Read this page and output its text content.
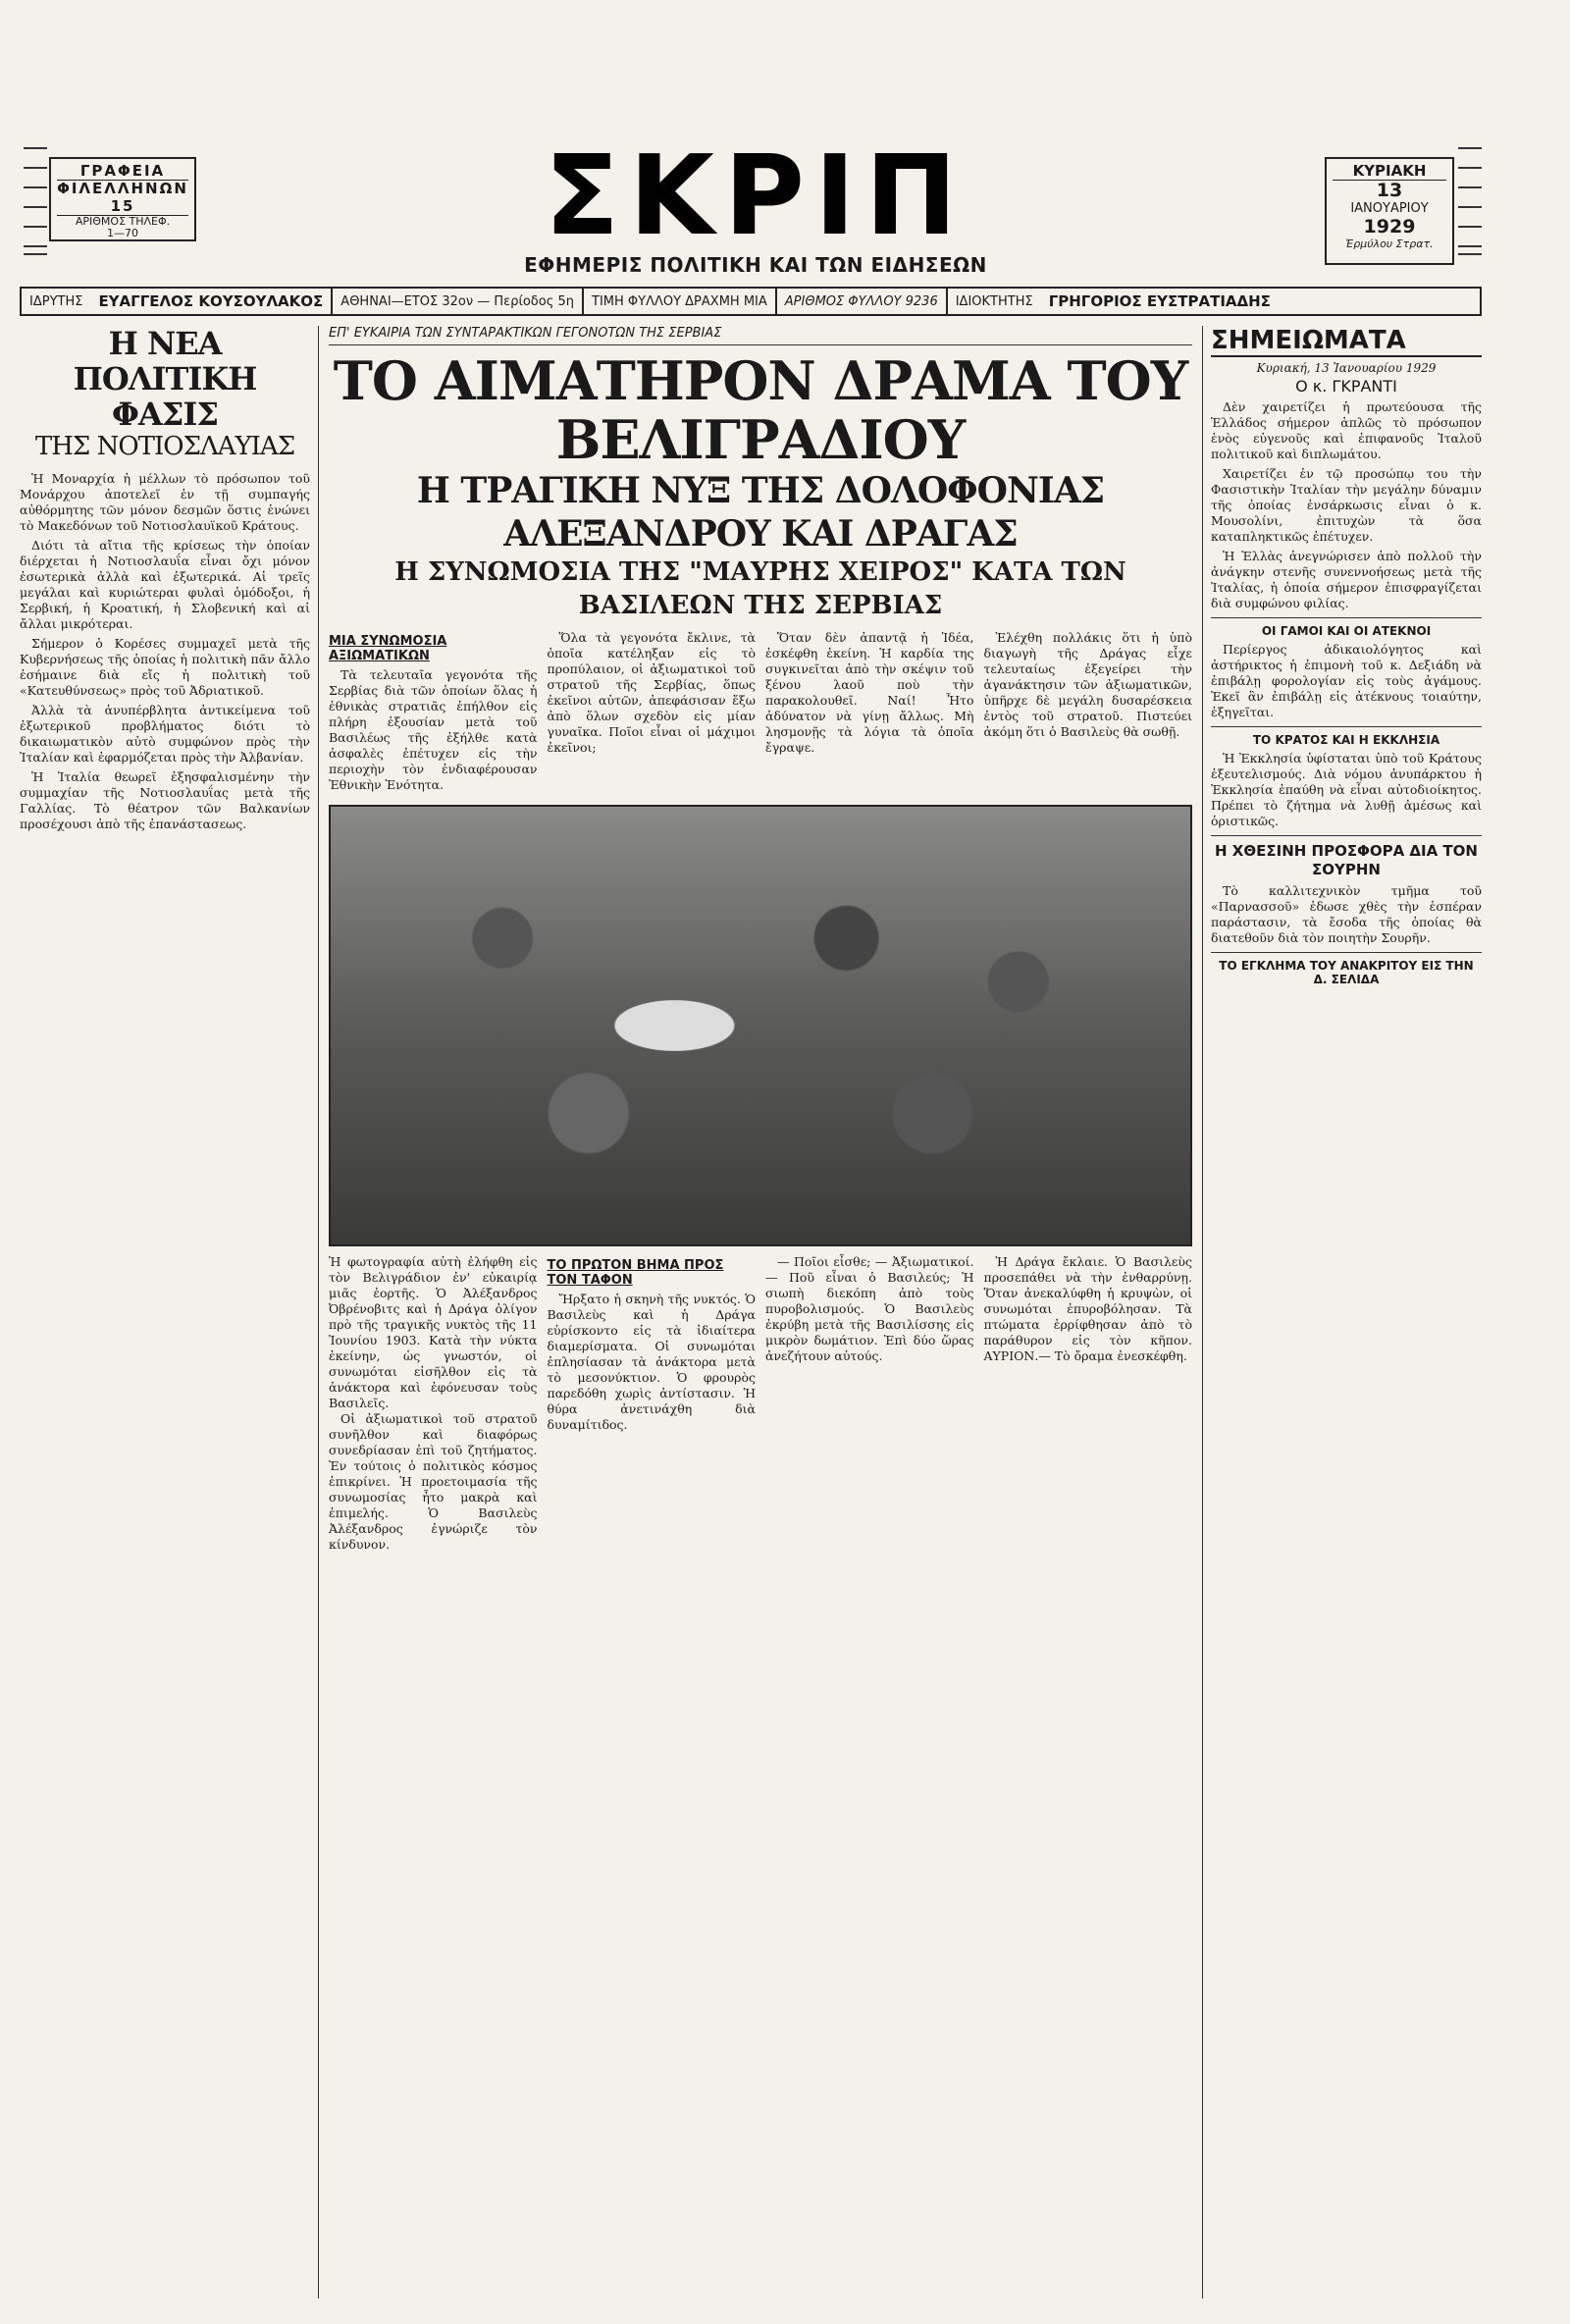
ΓΡΑΦΕΙΑ
ΦΙΛΕΛΛΗΝΩΝ 15
ΑΡΙΘΜΟΣ ΤΗΛΕΦ.
1—70	ΣΚΡΙΠ
ΕΦΗΜΕΡΙΣ ΠΟΛΙΤΙΚΗ ΚΑΙ ΤΩΝ ΕΙΔΗΣΕΩΝ
ΚΥΡΙΑΚΗ
13
ΙΑΝΟΥΑΡΙΟΥ
1929
Ἑρμύλου Στρατ.
ΙΔΡΥΤΗΣ	ΕΥΑΓΓΕΛΟΣ ΚΟΥΣΟΥΛΑΚΟΣ	ΑΘΗΝΑΙ—ΕΤΟΣ 32ον — Περίοδος 5η	ΤΙΜΗ ΦΥΛΛΟΥ ΔΡΑΧΜΗ ΜΙΑ	ΑΡΙΘΜΟΣ ΦΥΛΛΟΥ 9236	ΙΔΙΟΚΤΗΤΗΣ	ΓΡΗΓΟΡΙΟΣ ΕΥΣΤΡΑΤΙΑΔΗΣ
Η ΝΕΑ ΠΟΛΙΤΙΚΗ ΦΑΣΙΣ
ΤΗΣ ΝΟΤΙΟΣΛΑΥΙΑΣ

Ἡ Μοναρχία ἡ μέλλων τὸ πρόσωπον τοῦ Μονάρχου ἀποτελεῖ ἐν τῇ συμπαγής αὐθόρμητης τῶν μόνον δεσμῶν ὅστις ἑνώνει τὸ Μακεδόνων τοῦ Νοτιοσλαυϊκοῦ Κράτους.

Διότι τὰ αἴτια τῆς κρίσεως τὴν ὁποίαν διέρχεται ἡ Νοτιοσλαυΐα εἶναι ὄχι μόνον ἐσωτερικὰ ἀλλὰ καὶ ἐξωτερικά. Αἱ τρεῖς μεγάλαι καὶ κυριώτεραι φυλαὶ ὁμόδοξοι, ἡ Σερβική, ἡ Κροατική, ἡ Σλοβενική καὶ αἱ ἄλλαι μικρότεραι.

Σήμερον ὁ Κορέσες συμμαχεῖ μετὰ τῆς Κυβερνήσεως τῆς ὁποίας ἡ πολιτικὴ πᾶν ἄλλο ἐσήμαινε διὰ εἴς ἡ πολιτικὴ τοῦ «Κατευθύνσεως» πρὸς τοῦ Ἀδριατικοῦ.

Ἀλλὰ τὰ ἀνυπέρβλητα ἀντικείμενα τοῦ ἐξωτερικοῦ προβλήματος διότι τὸ δικαιωματικὸν αὐτὸ συμφώνον πρὸς τὴν Ἰταλίαν καὶ ἐφαρμόζεται πρὸς τὴν Ἀλβανίαν.

Ἡ Ἰταλία θεωρεῖ ἐξησφαλισμένην τὴν συμμαχίαν τῆς Νοτιοσλαυΐας μετὰ τῆς Γαλλίας. Τὸ θέατρον τῶν Βαλκανίων προσέχουσι ἀπὸ τῆς ἐπανάστασεως.

ΕΠ' ΕΥΚΑΙΡΙΑ ΤΩΝ ΣΥΝΤΑΡΑΚΤΙΚΩΝ ΓΕΓΟΝΟΤΩΝ ΤΗΣ ΣΕΡΒΙΑΣ
ΤΟ ΑΙΜΑΤΗΡΟΝ ΔΡΑΜΑ ΤΟΥ ΒΕΛΙΓΡΑΔΙΟΥ
Η ΤΡΑΓΙΚΗ ΝΥΞ ΤΗΣ ΔΟΛΟΦΟΝΙΑΣ ΑΛΕΞΑΝΔΡΟΥ ΚΑΙ ΔΡΑΓΑΣ
Η ΣΥΝΩΜΟΣΙΑ ΤΗΣ "ΜΑΥΡΗΣ ΧΕΙΡΟΣ" ΚΑΤΑ ΤΩΝ ΒΑΣΙΛΕΩΝ ΤΗΣ ΣΕΡΒΙΑΣ
ΜΙΑ ΣΥΝΩΜΟΣΙΑ ΑΞΙΩΜΑΤΙΚΩΝ

Τὰ τελευταῖα γεγονότα τῆς Σερβίας διὰ τῶν ὁποίων ὅλας ἡ ἐθνικὰς στρατιᾶς ἐπήλθον εἰς πλήρη ἐξουσίαν μετὰ τοῦ Βασιλέως τῆς ἐξήλθε κατὰ ἀσφαλὲς ἐπέτυχεν εἰς τὴν περιοχὴν τὸν ἐνδιαφέρουσαν Ἐθνικὴν Ἐνότητα.

Ὅλα τὰ γεγονότα ἔκλινε, τὰ ὁποῖα κατέληξαν εἰς τὸ προπύλαιον, οἱ ἀξιωματικοὶ τοῦ στρατοῦ τῆς Σερβίας, ὅπως ἐκεῖνοι αὐτῶν, ἀπεφάσισαν ἔξω ἀπὸ ὅλων σχεδὸν εἰς μίαν γυναῖκα. Ποῖοι εἶναι οἱ μάχιμοι ἐκεῖνοι;

Ὅταν δὲν ἀπαντᾷ ἡ Ἰδέα, ἐσκέφθη ἐκείνη. Ἡ καρδία της συγκινεῖται ἀπὸ τὴν σκέψιν τοῦ ξένου λαοῦ ποὺ τὴν παρακολουθεῖ. Ναί! Ἦτο ἀδύνατον νὰ γίνῃ ἄλλως. Μὴ λησμονῇς τὰ λόγια τὰ ὁποῖα ἔγραψε.

Ἐλέχθη πολλάκις ὅτι ἡ ὑπὸ διαγωγὴ τῆς Δράγας εἶχε τελευταίως ἐξεγείρει τὴν ἀγανάκτησιν τῶν ἀξιωματικῶν, ὑπῆρχε δὲ μεγάλη δυσαρέσκεια ἐντὸς τοῦ στρατοῦ. Πιστεύει ἀκόμη ὅτι ὁ Βασιλεὺς θὰ σωθῇ.

Ἡ φωτογραφία αὐτὴ ἐλήφθη εἰς τὸν Βελιγράδιον ἐν' εὐκαιρίᾳ μιᾶς ἐορτῆς. Ὁ Ἀλέξανδρος Ὀβρένοβιτς καὶ ἡ Δράγα ὀλίγον πρὸ τῆς τραγικῆς νυκτὸς τῆς 11 Ἰουνίου 1903. Κατὰ τὴν νύκτα ἐκείνην, ὡς γνωστόν, οἱ συνωμόται εἰσῆλθον εἰς τὰ ἀνάκτορα καὶ ἐφόνευσαν τοὺς Βασιλεῖς.

Οἱ ἀξιωματικοὶ τοῦ στρατοῦ συνῆλθον καὶ διαφόρως συνεδρίασαν ἐπὶ τοῦ ζητήματος. Ἐν τούτοις ὁ πολιτικὸς κόσμος ἐπικρίνει. Ἡ προετοιμασία τῆς συνωμοσίας ἦτο μακρὰ καὶ ἐπιμελής. Ὁ Βασιλεὺς Ἀλέξανδρος ἐγνώριζε τὸν κίνδυνον.

ΤΟ ΠΡΩΤΟΝ ΒΗΜΑ ΠΡΟΣ ΤΟΝ ΤΑΦΟΝ

Ἤρξατο ἡ σκηνὴ τῆς νυκτός. Ὁ Βασιλεὺς καὶ ἡ Δράγα εὑρίσκοντο εἰς τὰ ἰδιαίτερα διαμερίσματα. Οἱ συνωμόται ἐπλησίασαν τὰ ἀνάκτορα μετὰ τὸ μεσονύκτιον. Ὁ φρουρὸς παρεδόθη χωρὶς ἀντίστασιν. Ἡ θύρα ἀνετινάχθη διὰ δυναμίτιδος.

— Ποῖοι εἶσθε; — Ἀξιωματικοί. — Ποῦ εἶναι ὁ Βασιλεύς; Ἡ σιωπὴ διεκόπη ἀπὸ τοὺς πυροβολισμούς. Ὁ Βασιλεὺς ἐκρύβη μετὰ τῆς Βασιλίσσης εἰς μικρὸν δωμάτιον. Ἐπὶ δύο ὥρας ἀνεζήτουν αὐτούς.

Ἡ Δράγα ἔκλαιε. Ὁ Βασιλεὺς προσεπάθει νὰ τὴν ἐνθαρρύνῃ. Ὅταν ἀνεκαλύφθη ἡ κρυψὼν, οἱ συνωμόται ἐπυροβόλησαν. Τὰ πτώματα ἐρρίφθησαν ἀπὸ τὸ παράθυρον εἰς τὸν κῆπον. ΑΥΡΙΟΝ.— Τὸ ὄραμα ἐνεσκέφθη.

ΣΗΜΕΙΩΜΑΤΑ
Κυριακή, 13 Ἰανουαρίου 1929
Ο κ. ΓΚΡΑΝΤΙ

Δὲν χαιρετίζει ἡ πρωτεύουσα τῆς Ἑλλάδος σήμερον ἁπλῶς τὸ πρόσωπον ἑνὸς εὐγενοῦς καὶ ἐπιφανοῦς Ἰταλοῦ πολιτικοῦ καὶ διπλωμάτου.

Χαιρετίζει ἐν τῷ προσώπῳ του τὴν Φασιστικὴν Ἰταλίαν τὴν μεγάλην δύναμιν τῆς ὁποίας ἐνσάρκωσις εἶναι ὁ κ. Μουσολίνι, ἐπιτυχὼν τὰ ὅσα καταπληκτικῶς ἐπέτυχεν.

Ἡ Ἑλλὰς ἀνεγνώρισεν ἀπὸ πολλοῦ τὴν ἀνάγκην στενῆς συνεννοήσεως μετὰ τῆς Ἰταλίας, ἡ ὁποία σήμερον ἐπισφραγίζεται διὰ συμφώνου φιλίας.

ΟΙ ΓΑΜΟΙ ΚΑΙ ΟΙ ΑΤΕΚΝΟΙ

Περίεργος ἀδικαιολόγητος καὶ ἀστήρικτος ἡ ἐπιμονὴ τοῦ κ. Δεξιάδη νὰ ἐπιβάλῃ φορολογίαν εἰς τοὺς ἀγάμους. Ἐκεῖ ἂν ἐπιβάλῃ εἰς ἀτέκνους τοιαύτην, ἐξηγεῖται.

ΤΟ ΚΡΑΤΟΣ ΚΑΙ Η ΕΚΚΛΗΣΙΑ

Ἡ Ἐκκλησία ὑφίσταται ὑπὸ τοῦ Κράτους ἐξευτελισμούς. Διὰ νόμου ἀνυπάρκτου ἡ Ἐκκλησία ἐπαύθη νὰ εἶναι αὐτοδιοίκητος. Πρέπει τὸ ζήτημα νὰ λυθῇ ἀμέσως καὶ ὁριστικῶς.

Η ΧΘΕΣΙΝΗ ΠΡΟΣΦΟΡΑ ΔΙΑ ΤΟΝ ΣΟΥΡΗΝ

Τὸ καλλιτεχνικὸν τμῆμα τοῦ «Παρνασσοῦ» ἐδωσε χθὲς τὴν ἑσπέραν παράστασιν, τὰ ἔσοδα τῆς ὁποίας θὰ διατεθοῦν διὰ τὸν ποιητὴν Σουρῆν.

ΤΟ ΕΓΚΛΗΜΑ ΤΟΥ ΑΝΑΚΡΙΤΟΥ ΕΙΣ ΤΗΝ Δ. ΣΕΛΙΔΑ
